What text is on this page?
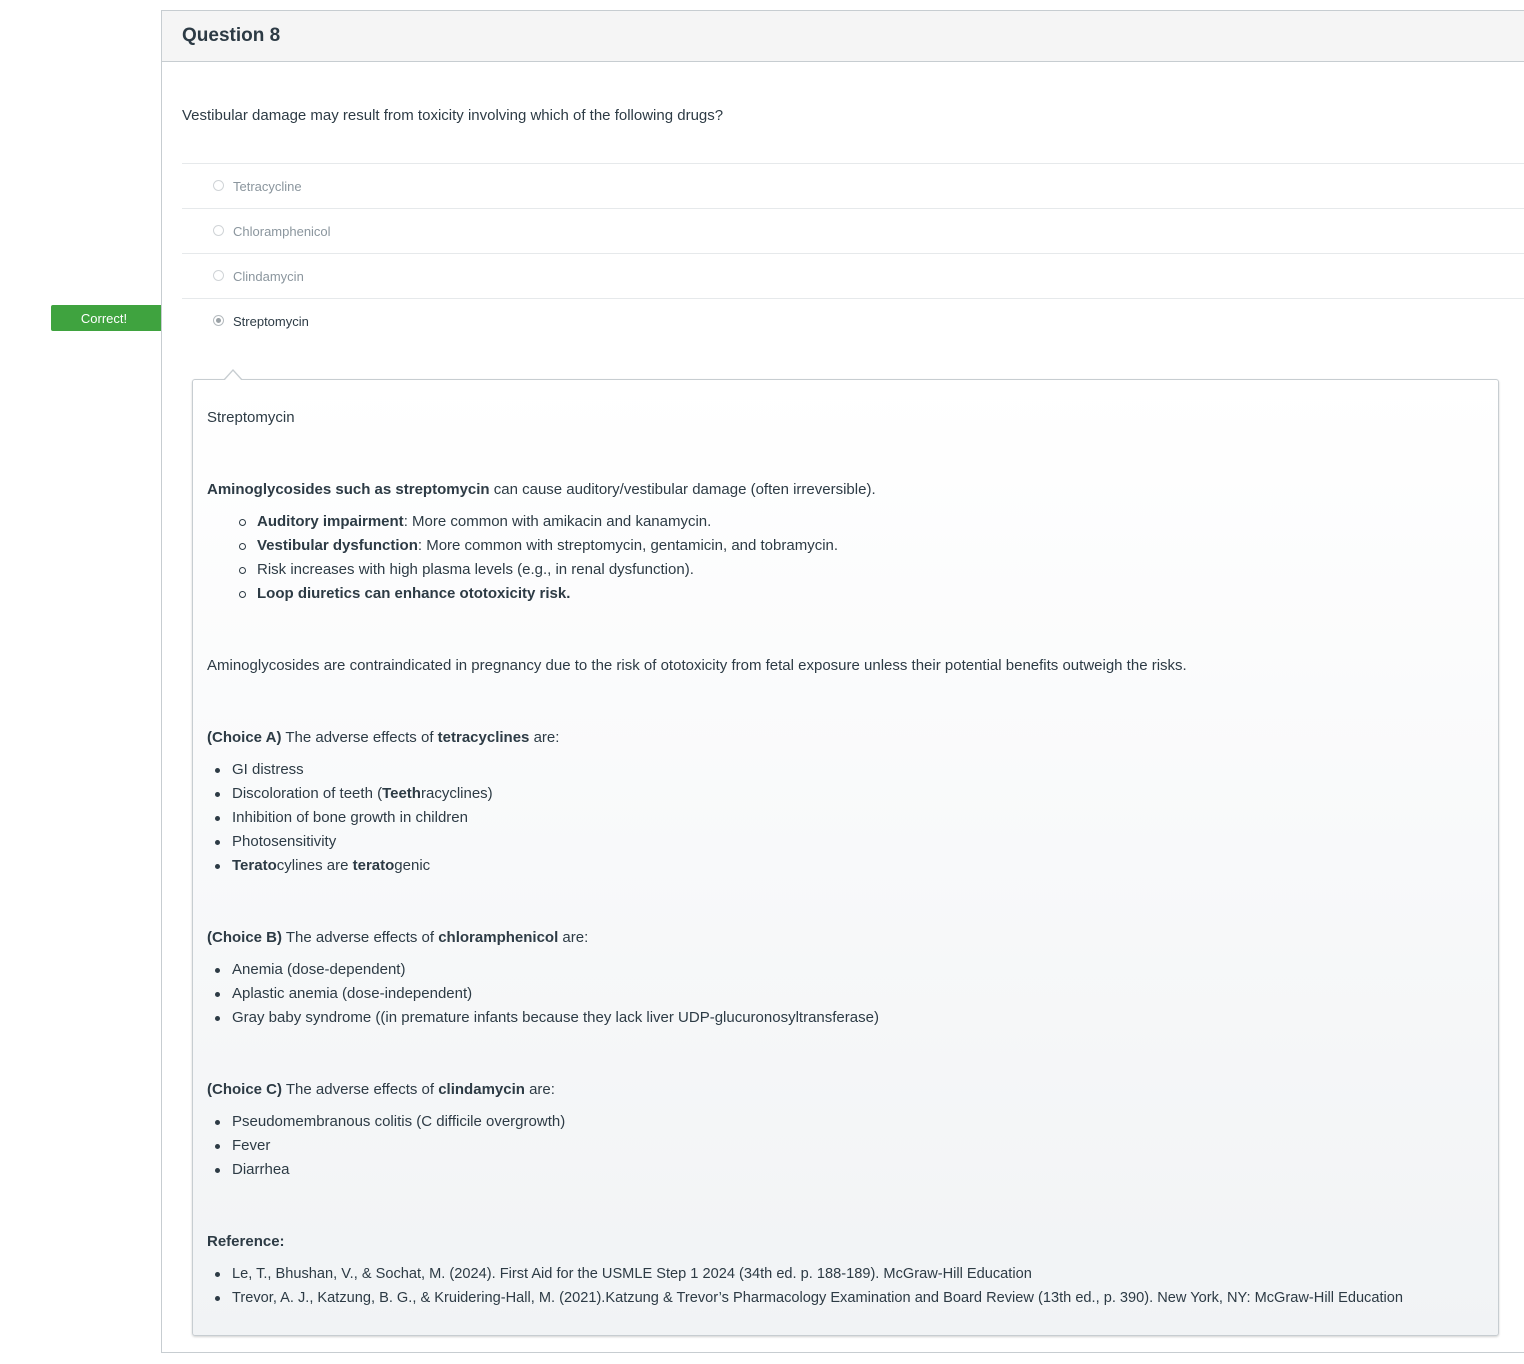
Correct!
Question 8
Vestibular damage may result from toxicity involving which of the following drugs?
Tetracycline
Chloramphenicol
Clindamycin
Streptomycin
Streptomycin
Aminoglycosides such as streptomycin can cause auditory/vestibular damage (often irreversible).
Auditory impairment: More common with amikacin and kanamycin.
Vestibular dysfunction: More common with streptomycin, gentamicin, and tobramycin.
Risk increases with high plasma levels (e.g., in renal dysfunction).
Loop diuretics can enhance ototoxicity risk.
Aminoglycosides are contraindicated in pregnancy due to the risk of ototoxicity from fetal exposure unless their potential benefits outweigh the risks.
(Choice A) The adverse effects of tetracyclines are:
GI distress
Discoloration of teeth (Teethracyclines)
Inhibition of bone growth in children
Photosensitivity
Teratocylines are teratogenic
(Choice B) The adverse effects of chloramphenicol are:
Anemia (dose-dependent)
Aplastic anemia (dose-independent)
Gray baby syndrome ((in premature infants because they lack liver UDP-glucuronosyltransferase)
(Choice C) The adverse effects of clindamycin are:
Pseudomembranous colitis (C difficile overgrowth)
Fever
Diarrhea
Reference:
Le, T., Bhushan, V., & Sochat, M. (2024). First Aid for the USMLE Step 1 2024 (34th ed. p. 188-189). McGraw-Hill Education
Trevor, A. J., Katzung, B. G., & Kruidering-Hall, M. (2021).Katzung & Trevor’s Pharmacology Examination and Board Review (13th ed., p. 390). New York, NY: McGraw-Hill Education
